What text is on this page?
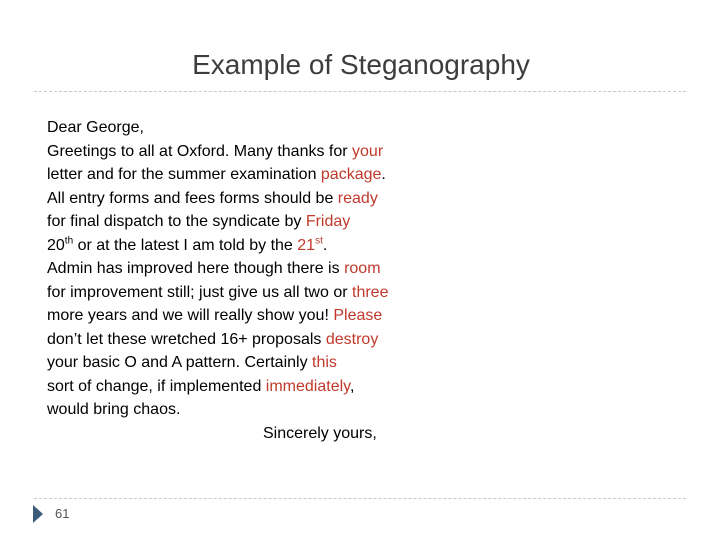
Example of Steganography
Dear George,
Greetings to all at Oxford. Many thanks for your
letter and for the summer examination package.
All entry forms and fees forms should be ready
for final dispatch to the syndicate by Friday
20th or at the latest I am told by the 21st.
Admin has improved here though there is room
for improvement still; just give us all two or three
more years and we will really show you! Please
don’t let these wretched 16+ proposals destroy
your basic O and A pattern. Certainly this
sort of change, if implemented immediately,
would bring chaos.
Sincerely yours,
61
